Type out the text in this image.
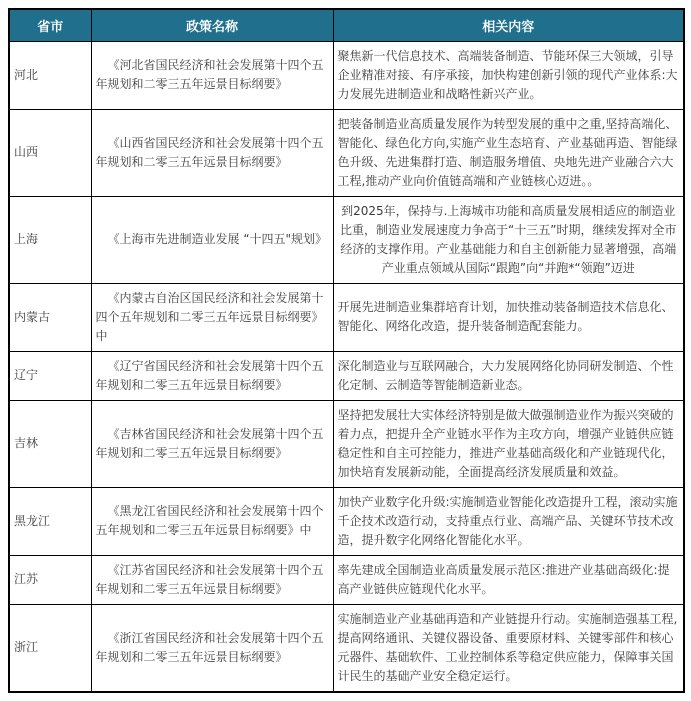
省市	政策名称	相关内容
河北	《河北省国民经济和社会发展第十四个五年规划和二零三五年远景目标纲要》	聚焦新一代信息技术、高端装备制造、节能环保三大领域，引导企业精准对接、有序承接，加快构建创新引领的现代产业体系:大力发展先进制造业和战略性新兴产业。
山西	《山西省国民经济和社会发展第十四个五年规划和二零三五年远景目标纲要》	把装备制造业高质量发展作为转型发展的重中之重,坚持高端化、智能化、绿色化方向,实施产业生态培育、产业基础再造、智能绿色升级、先进集群打造、制造服务增值、央地先进产业融合六大工程,推动产业向价值链高端和产业链核心迈进。。
上海	《上海市先进制造业发展 “十四五"规划》	到2025年，保持与.上海城市功能和高质量发展相适应的制造业比重，制造业发展速度力争高于“十三五”时期，继续发挥对全市经济的支撑作用。产业基础能力和自主创新能力显著增强，高端产业重点领域从国际“跟跑”向“并跑*“领跑”迈进
内蒙古	《内蒙古自治区国民经济和社会发展第十四个五年规划和二零三五年远景目标纲要》中	开展先进制造业集群培育计划，加快推动装备制造技术信息化、智能化、网络化改造，提升装备制造配套能力。
辽宁	《辽宁省国民经济和社会发展第十四个五年规划和二零三五年远景目标纲要》	深化制造业与互联网融合，大力发展网络化协同研发制造、个性化定制、云制造等智能制造新业态。
吉林	《吉林省国民经济和社会发展第十四个五年规划和二零三五年远景目标纲要》	坚持把发展壮大实体经济特别是做大做强制造业作为振兴突破的着力点，把提升全产业链水平作为主攻方向，增强产业链供应链稳定性和自主可控能力，推进产业基础高级化和产业链现代化，加快培育发展新动能，全面提高经济发展质量和效益。
黑龙江	《黑龙江省国民经济和社会发展第十四个五年规划和二零三五年远景目标纲要》中	加快产业数字化升级:实施制造业智能化改造提升工程，滚动实施千企技术改造行动，支持重点行业、高端产品、关键环节技术改造，提升数字化网络化智能化水平。
江苏	《江苏省国民经济和社会发展第十四个五年规划和二零三五年远景目标纲要》	率先建成全国制造业高质量发展示范区:推进产业基础高级化:提高产业链供应链现代化水平。
浙江	《浙江省国民经济和社会发展第十四个五年规划和二零三五年远景目标纲要》	实施制造业产业基础再造和产业链提升行动。实施制造强基工程,提高网络通讯、关键仪器设备、重要原材料、关键零部件和核心元器件、基础软件、工业控制体系等稳定供应能力，保障事关国计民生的基础产业安全稳定运行。
